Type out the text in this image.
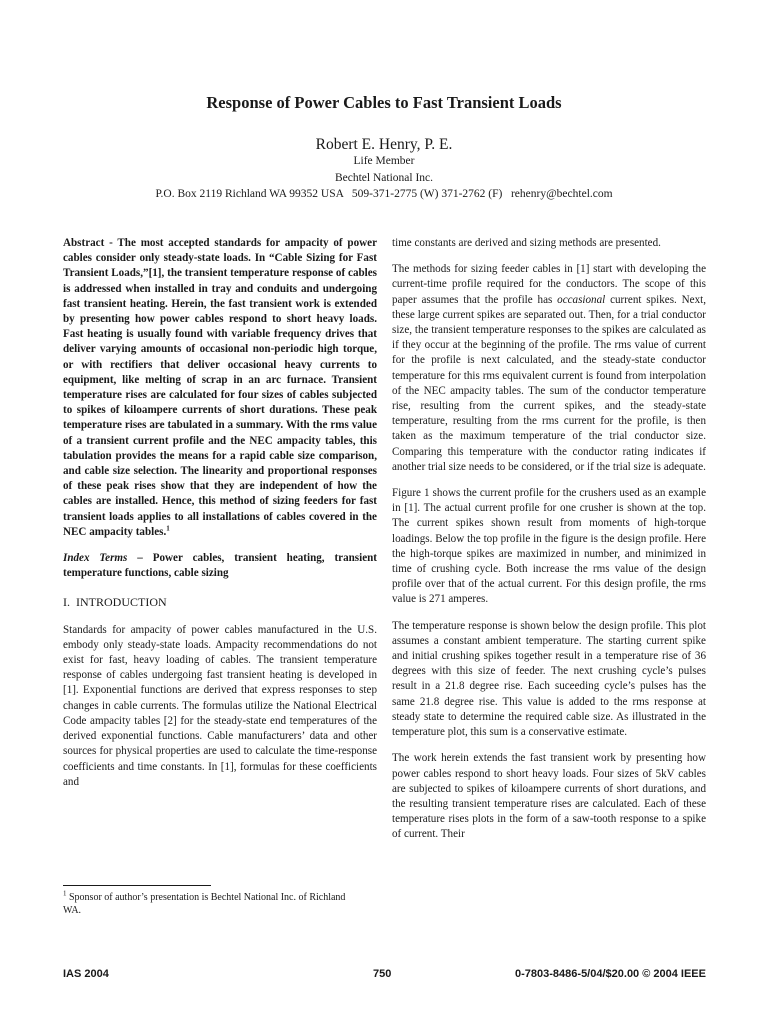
Response of Power Cables to Fast Transient Loads
Robert E. Henry, P. E.
Life Member
Bechtel National Inc.
P.O. Box 2119 Richland WA 99352 USA   509-371-2775 (W) 371-2762 (F)   rehenry@bechtel.com

Abstract - The most accepted standards for ampacity of power cables consider only steady-state loads. In “Cable Sizing for Fast Transient Loads,”[1], the transient temperature response of cables is addressed when installed in tray and conduits and undergoing fast transient heating. Herein, the fast transient work is extended by presenting how power cables respond to short heavy loads. Fast heating is usually found with variable frequency drives that deliver varying amounts of occasional non-periodic high torque, or with rectifiers that deliver occasional heavy currents to equipment, like melting of scrap in an arc furnace. Transient temperature rises are calculated for four sizes of cables subjected to spikes of kiloampere currents of short durations. These peak temperature rises are tabulated in a summary. With the rms value of a transient current profile and the NEC ampacity tables, this tabulation provides the means for a rapid cable size comparison, and cable size selection. The linearity and proportional responses of these peak rises show that they are independent of how the cables are installed. Hence, this method of sizing feeders for fast transient loads applies to all installations of cables covered in the NEC ampacity tables.$^1$

Index Terms – Power cables, transient heating, transient temperature functions, cable sizing

I. INTRODUCTION

Standards for ampacity of power cables manufactured in the U.S. embody only steady-state loads. Ampacity recommendations do not exist for fast, heavy loading of cables. The transient temperature response of cables undergoing fast transient heating is developed in [1]. Exponential functions are derived that express responses to step changes in cable currents. The formulas utilize the National Electrical Code ampacity tables [2] for the steady-state end temperatures of the derived exponential functions. Cable manufacturers’ data and other sources for physical properties are used to calculate the time-response coefficients and time constants. In [1], formulas for these coefficients and

time constants are derived and sizing methods are presented.

The methods for sizing feeder cables in [1] start with developing the current-time profile required for the conductors. The scope of this paper assumes that the profile has occasional current spikes. Next, these large current spikes are separated out. Then, for a trial conductor size, the transient temperature responses to the spikes are calculated as if they occur at the beginning of the profile. The rms value of current for the profile is next calculated, and the steady-state conductor temperature for this rms equivalent current is found from interpolation of the NEC ampacity tables. The sum of the conductor temperature rise, resulting from the current spikes, and the steady-state temperature, resulting from the rms current for the profile, is then taken as the maximum temperature of the trial conductor size. Comparing this temperature with the conductor rating indicates if another trial size needs to be considered, or if the trial size is adequate.

Figure 1 shows the current profile for the crushers used as an example in [1]. The actual current profile for one crusher is shown at the top. The current spikes shown result from moments of high-torque loadings. Below the top profile in the figure is the design profile. Here the high-torque spikes are maximized in number, and minimized in time of crushing cycle. Both increase the rms value of the design profile over that of the actual current. For this design profile, the rms value is 271 amperes.

The temperature response is shown below the design profile. This plot assumes a constant ambient temperature. The starting current spike and initial crushing spikes together result in a temperature rise of 36 degrees with this size of feeder. The next crushing cycle’s pulses result in a 21.8 degree rise. Each suceeding cycle’s pulses has the same 21.8 degree rise. This value is added to the rms response at steady state to determine the required cable size. As illustrated in the temperature plot, this sum is a conservative estimate.

The work herein extends the fast transient work by presenting how power cables respond to short heavy loads. Four sizes of 5kV cables are subjected to spikes of kiloampere currents of short durations, and the resulting transient temperature rises are calculated. Each of these temperature rises plots in the form of a saw-tooth response to a spike of current. Their

$^1$ Sponsor of author’s presentation is Bechtel National Inc. of Richland WA.
IAS 2004	750	0-7803-8486-5/04/$20.00 © 2004 IEEE
